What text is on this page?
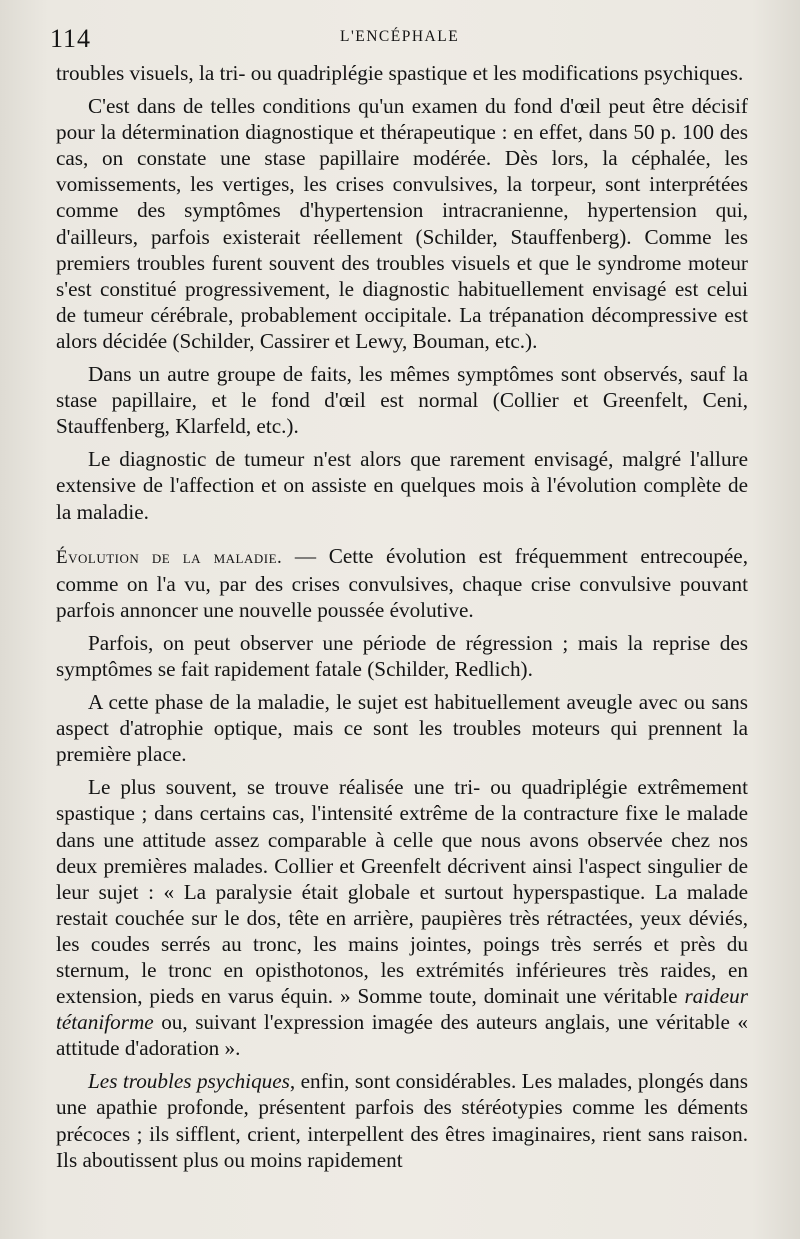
114	L'ENCÉPHALE

troubles visuels, la tri- ou quadriplégie spastique et les modifications psychiques.

C'est dans de telles conditions qu'un examen du fond d'œil peut être décisif pour la détermination diagnostique et thérapeutique : en effet, dans 50 p. 100 des cas, on constate une stase papillaire modérée. Dès lors, la céphalée, les vomissements, les vertiges, les crises convulsives, la torpeur, sont interprétées comme des symptômes d'hypertension intracranienne, hypertension qui, d'ailleurs, parfois existerait réellement (Schilder, Stauffenberg). Comme les premiers troubles furent souvent des troubles visuels et que le syndrome moteur s'est constitué progressivement, le diagnostic habituellement envisagé est celui de tumeur cérébrale, probablement occipitale. La trépanation décompressive est alors décidée (Schilder, Cassirer et Lewy, Bouman, etc.).

Dans un autre groupe de faits, les mêmes symptômes sont observés, sauf la stase papillaire, et le fond d'œil est normal (Collier et Greenfelt, Ceni, Stauffenberg, Klarfeld, etc.).

Le diagnostic de tumeur n'est alors que rarement envisagé, malgré l'allure extensive de l'affection et on assiste en quelques mois à l'évolution complète de la maladie.

Évolution de la maladie. — Cette évolution est fréquemment entrecoupée, comme on l'a vu, par des crises convulsives, chaque crise convulsive pouvant parfois annoncer une nouvelle poussée évolutive.

Parfois, on peut observer une période de régression ; mais la reprise des symptômes se fait rapidement fatale (Schilder, Redlich).

A cette phase de la maladie, le sujet est habituellement aveugle avec ou sans aspect d'atrophie optique, mais ce sont les troubles moteurs qui prennent la première place.

Le plus souvent, se trouve réalisée une tri- ou quadriplégie extrêmement spastique ; dans certains cas, l'intensité extrême de la contracture fixe le malade dans une attitude assez comparable à celle que nous avons observée chez nos deux premières malades. Collier et Greenfelt décrivent ainsi l'aspect singulier de leur sujet : « La paralysie était globale et surtout hyperspastique. La malade restait couchée sur le dos, tête en arrière, paupières très rétractées, yeux déviés, les coudes serrés au tronc, les mains jointes, poings très serrés et près du sternum, le tronc en opisthotonos, les extrémités inférieures très raides, en extension, pieds en varus équin. » Somme toute, dominait une véritable raideur tétaniforme ou, suivant l'expression imagée des auteurs anglais, une véritable « attitude d'adoration ».

Les troubles psychiques, enfin, sont considérables. Les malades, plongés dans une apathie profonde, présentent parfois des stéréotypies comme les déments précoces ; ils sifflent, crient, interpellent des êtres imaginaires, rient sans raison. Ils aboutissent plus ou moins rapidement
